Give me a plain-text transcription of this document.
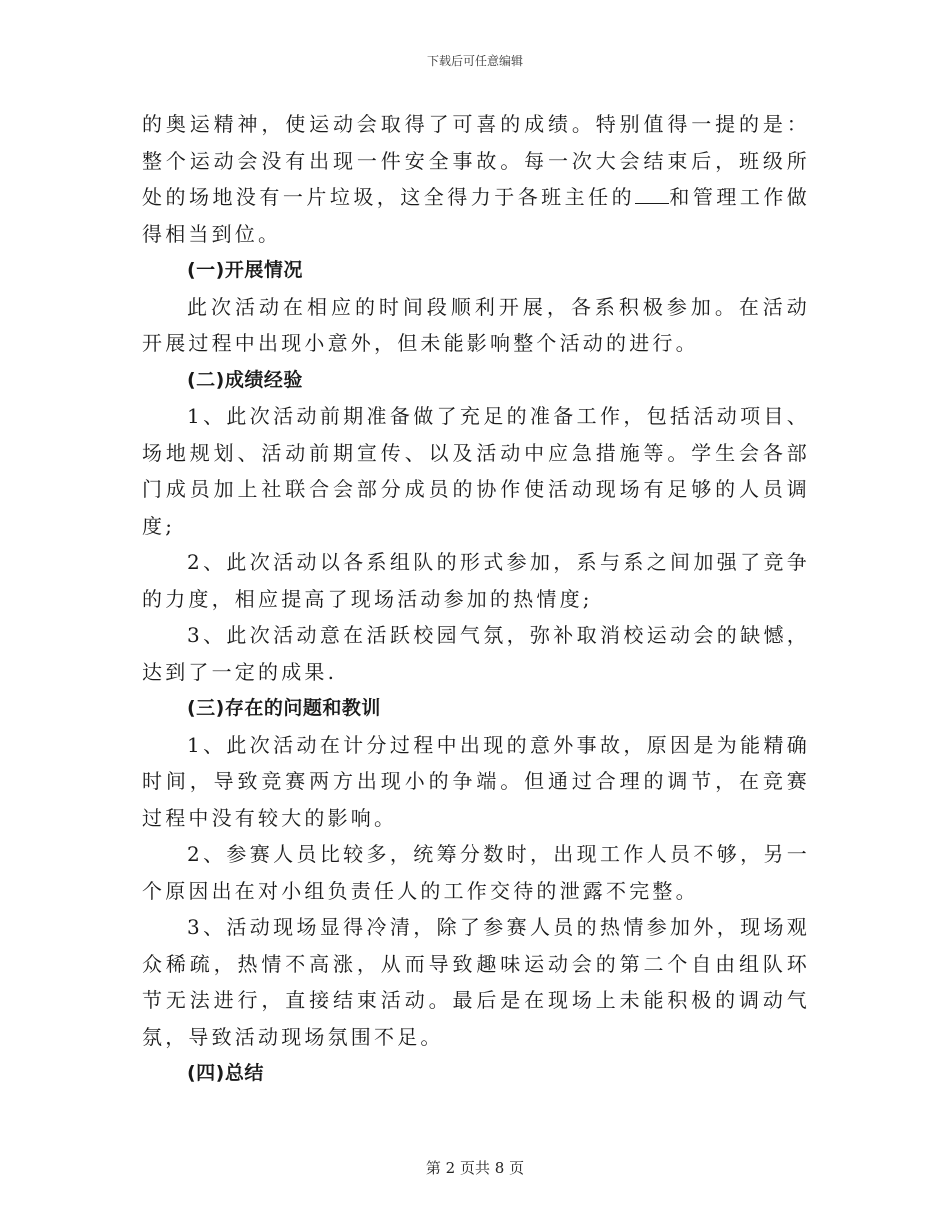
下载后可任意编辑

的奥运精神，使运动会取得了可喜的成绩。特别值得一提的是：整个运动会没有出现一件安全事故。每一次大会结束后，班级所处的场地没有一片垃圾，这全得力于各班主任的 和管理工作做得相当到位。

(一)开展情况

此次活动在相应的时间段顺利开展，各系积极参加。在活动开展过程中出现小意外，但未能影响整个活动的进行。

(二)成绩经验

1、此次活动前期准备做了充足的准备工作，包括活动项目、场地规划、活动前期宣传、以及活动中应急措施等。学生会各部门成员加上社联合会部分成员的协作使活动现场有足够的人员调度;

2、此次活动以各系组队的形式参加，系与系之间加强了竞争的力度，相应提高了现场活动参加的热情度;

3、此次活动意在活跃校园气氛，弥补取消校运动会的缺憾，达到了一定的成果.

(三)存在的问题和教训

1、此次活动在计分过程中出现的意外事故，原因是为能精确时间，导致竞赛两方出现小的争端。但通过合理的调节，在竞赛过程中没有较大的影响。

2、参赛人员比较多，统筹分数时，出现工作人员不够，另一个原因出在对小组负责任人的工作交待的泄露不完整。

3、活动现场显得冷清，除了参赛人员的热情参加外，现场观众稀疏，热情不高涨，从而导致趣味运动会的第二个自由组队环节无法进行，直接结束活动。最后是在现场上未能积极的调动气氛，导致活动现场氛围不足。

(四)总结

第 2 页共 8 页
